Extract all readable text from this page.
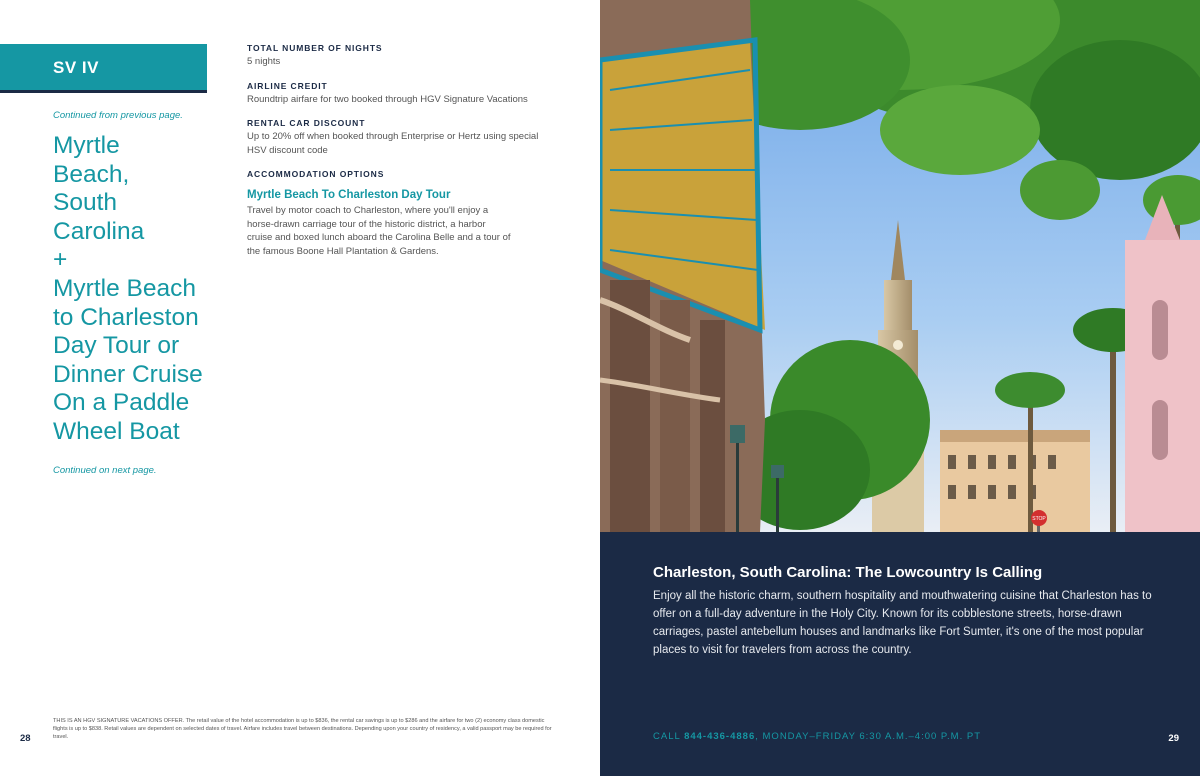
SV IV
Continued from previous page.
Myrtle
Beach,
South
Carolina
+
Myrtle Beach
to Charleston
Day Tour or
Dinner Cruise
On a Paddle
Wheel Boat
Continued on next page.
TOTAL NUMBER OF NIGHTS
5 nights
AIRLINE CREDIT
Roundtrip airfare for two booked through HGV Signature Vacations
RENTAL CAR DISCOUNT
Up to 20% off when booked through Enterprise or Hertz using special HSV discount code
ACCOMMODATION OPTIONS
Myrtle Beach To Charleston Day Tour
Travel by motor coach to Charleston, where you'll enjoy a horse-drawn carriage tour of the historic district, a harbor cruise and boxed lunch aboard the Carolina Belle and a tour of the famous Boone Hall Plantation & Gardens.
THIS IS AN HGV SIGNATURE VACATIONS OFFER. The retail value of the hotel accommodation is up to $836, the rental car savings is up to $286 and the airfare for two (2) economy class domestic flights is up to $838. Retail values are dependent on selected dates of travel. Airfare includes travel between destinations. Depending upon your country of residency, a valid passport may be required for travel.
28
STOP
Charleston, South Carolina: The Lowcountry Is Calling
Enjoy all the historic charm, southern hospitality and mouthwatering cuisine that Charleston has to offer on a full-day adventure in the Holy City. Known for its cobblestone streets, horse-drawn carriages, pastel antebellum houses and landmarks like Fort Sumter, it's one of the most popular places to visit for travelers from across the country.
CALL 844-436-4886, MONDAY–FRIDAY 6:30 A.M.–4:00 P.M. PT	29
